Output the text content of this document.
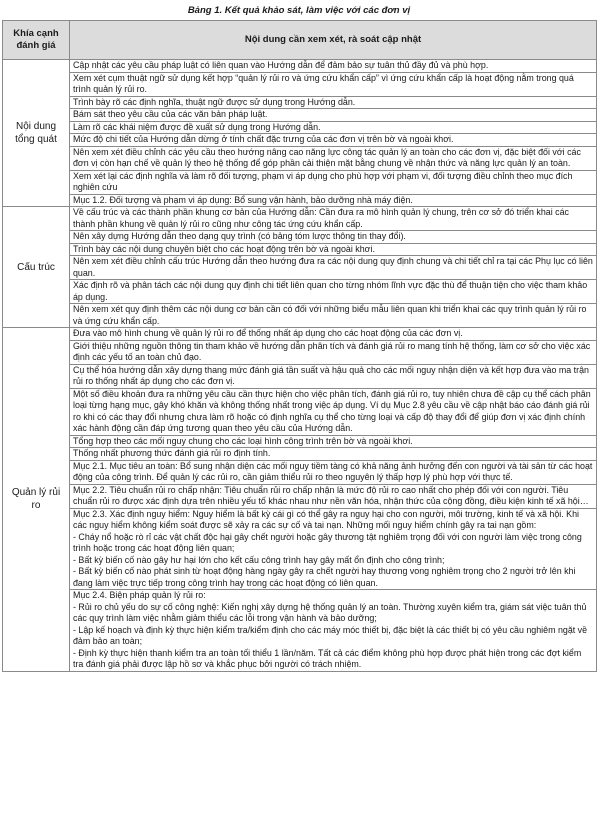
Bảng 1. Kết quả khảo sát, làm việc với các đơn vị
Khía cạnh đánh giá	Nội dung cần xem xét, rà soát cập nhật
Nội dung tổng quát	Cập nhật các yêu cầu pháp luật có liên quan vào Hướng dẫn để đảm bảo sự tuân thủ đầy đủ và phù hợp.
	Xem xét cụm thuật ngữ sử dụng kết hợp “quản lý rủi ro và ứng cứu khẩn cấp” vì ứng cứu khẩn cấp là hoạt động nằm trong quá trình quản lý rủi ro.
	Trình bày rõ các định nghĩa, thuật ngữ được sử dụng trong Hướng dẫn.
	Bám sát theo yêu cầu của các văn bản pháp luật.
	Làm rõ các khái niệm được đề xuất sử dụng trong Hướng dẫn.
	Mức độ chi tiết của Hướng dẫn dừng ở tính chất đặc trưng của các đơn vị trên bờ và ngoài khơi.
	Nên xem xét điều chỉnh các yêu cầu theo hướng nâng cao năng lực công tác quản lý an toàn cho các đơn vị, đặc biệt đối với các đơn vị còn hạn chế về quản lý theo hệ thống để góp phần cải thiện mặt bằng chung về nhận thức và năng lực quản lý an toàn.
	Xem xét lại các định nghĩa và làm rõ đối tượng, phạm vi áp dụng cho phù hợp với phạm vi, đối tượng điều chỉnh theo mục đích nghiên cứu
	Mục 1.2. Đối tượng và phạm vi áp dụng: Bổ sung vận hành, bảo dưỡng nhà máy điện.
Cấu trúc	Về cấu trúc và các thành phần khung cơ bản của Hướng dẫn: Cần đưa ra mô hình quản lý chung, trên cơ sở đó triển khai các thành phần khung về quản lý rủi ro cũng như công tác ứng cứu khẩn cấp.
	Nên xây dựng Hướng dẫn theo dạng quy trình (có bảng tóm lược thông tin thay đổi).
	Trình bày các nội dung chuyên biệt cho các hoạt động trên bờ và ngoài khơi.
	Nên xem xét điều chỉnh cấu trúc Hướng dẫn theo hướng đưa ra các nội dung quy định chung và chi tiết chỉ ra tại các Phụ lục có liên quan.
	Xác định rõ và phân tách các nội dung quy định chi tiết liên quan cho từng nhóm lĩnh vực đặc thù để thuận tiện cho việc tham khảo áp dụng.
	Nên xem xét quy định thêm các nội dung cơ bản cần có đối với những biểu mẫu liên quan khi triển khai các quy trình quản lý rủi ro và ứng cứu khẩn cấp.
Quản lý rủi ro	Đưa vào mô hình chung về quản lý rủi ro để thống nhất áp dụng cho các hoạt động của các đơn vị.
	Giới thiệu những nguồn thông tin tham khảo về hướng dẫn phân tích và đánh giá rủi ro mang tính hệ thống, làm cơ sở cho việc xác định các yếu tố an toàn chủ đạo.
	Cụ thể hóa hướng dẫn xây dựng thang mức đánh giá tần suất và hậu quả cho các mối nguy nhận diện và kết hợp đưa vào ma trận rủi ro thống nhất áp dụng cho các đơn vị.
	Một số điều khoản đưa ra những yêu cầu cần thực hiện cho việc phân tích, đánh giá rủi ro, tuy nhiên chưa đề cập cụ thể cách phân loại từng hạng mục, gây khó khăn và không thống nhất trong việc áp dụng. Ví dụ Mục 2.8 yêu cầu về cập nhật báo cáo đánh giá rủi ro khi có các thay đổi nhưng chưa làm rõ hoặc có định nghĩa cụ thể cho từng loại và cấp độ thay đổi để giúp đơn vị xác định chính xác hành động cần đáp ứng tương quan theo yêu cầu của Hướng dẫn.
	Tổng hợp theo các mối nguy chung cho các loại hình công trình trên bờ và ngoài khơi.
	Thống nhất phương thức đánh giá rủi ro định tính.
	Mục 2.1. Mục tiêu an toàn: Bổ sung nhận diện các mối nguy tiềm tàng có khả năng ảnh hưởng đến con người và tài sản từ các hoạt động của công trình. Để quản lý các rủi ro, cần giảm thiểu rủi ro theo nguyên lý thấp hợp lý phù hợp với thực tế.
	Mục 2.2. Tiêu chuẩn rủi ro chấp nhận: Tiêu chuẩn rủi ro chấp nhận là mức độ rủi ro cao nhất cho phép đối với con người. Tiêu chuẩn rủi ro được xác định dựa trên nhiều yếu tố khác nhau như nền văn hóa, nhận thức của cộng đồng, điều kiện kinh tế xã hội…
	Mục 2.3. Xác định nguy hiểm: Nguy hiểm là bất kỳ cái gì có thể gây ra nguy hại cho con người, môi trường, kinh tế và xã hội. Khi các nguy hiểm không kiểm soát được sẽ xảy ra các sự cố và tai nạn. Những mối nguy hiểm chính gây ra tai nạn gồm:
- Cháy nổ hoặc rò rỉ các vật chất độc hại gây chết người hoặc gây thương tật nghiêm trọng đối với con người làm việc trong công trình hoặc trong các hoạt động liên quan;
- Bất kỳ biến cố nào gây hư hại lớn cho kết cấu công trình hay gây mất ổn định cho công trình;
- Bất kỳ biến cố nào phát sinh từ hoạt động hàng ngày gây ra chết người hay thương vong nghiêm trọng cho 2 người trở lên khi đang làm việc trực tiếp trong công trình hay trong các hoạt động có liên quan.
	Mục 2.4. Biện pháp quản lý rủi ro:
- Rủi ro chủ yếu do sự cố công nghệ: Kiến nghị xây dựng hệ thống quản lý an toàn. Thường xuyên kiểm tra, giám sát việc tuân thủ các quy trình làm việc nhằm giảm thiểu các lỗi trong vận hành và bảo dưỡng;
- Lập kế hoạch và định kỳ thực hiện kiểm tra/kiểm định cho các máy móc thiết bị, đặc biệt là các thiết bị có yêu cầu nghiêm ngặt về đảm bảo an toàn;
- Định kỳ thực hiện thanh kiểm tra an toàn tối thiểu 1 lần/năm. Tất cả các điểm không phù hợp được phát hiện trong các đợt kiểm tra đánh giá phải được lập hồ sơ và khắc phục bởi người có trách nhiệm.
